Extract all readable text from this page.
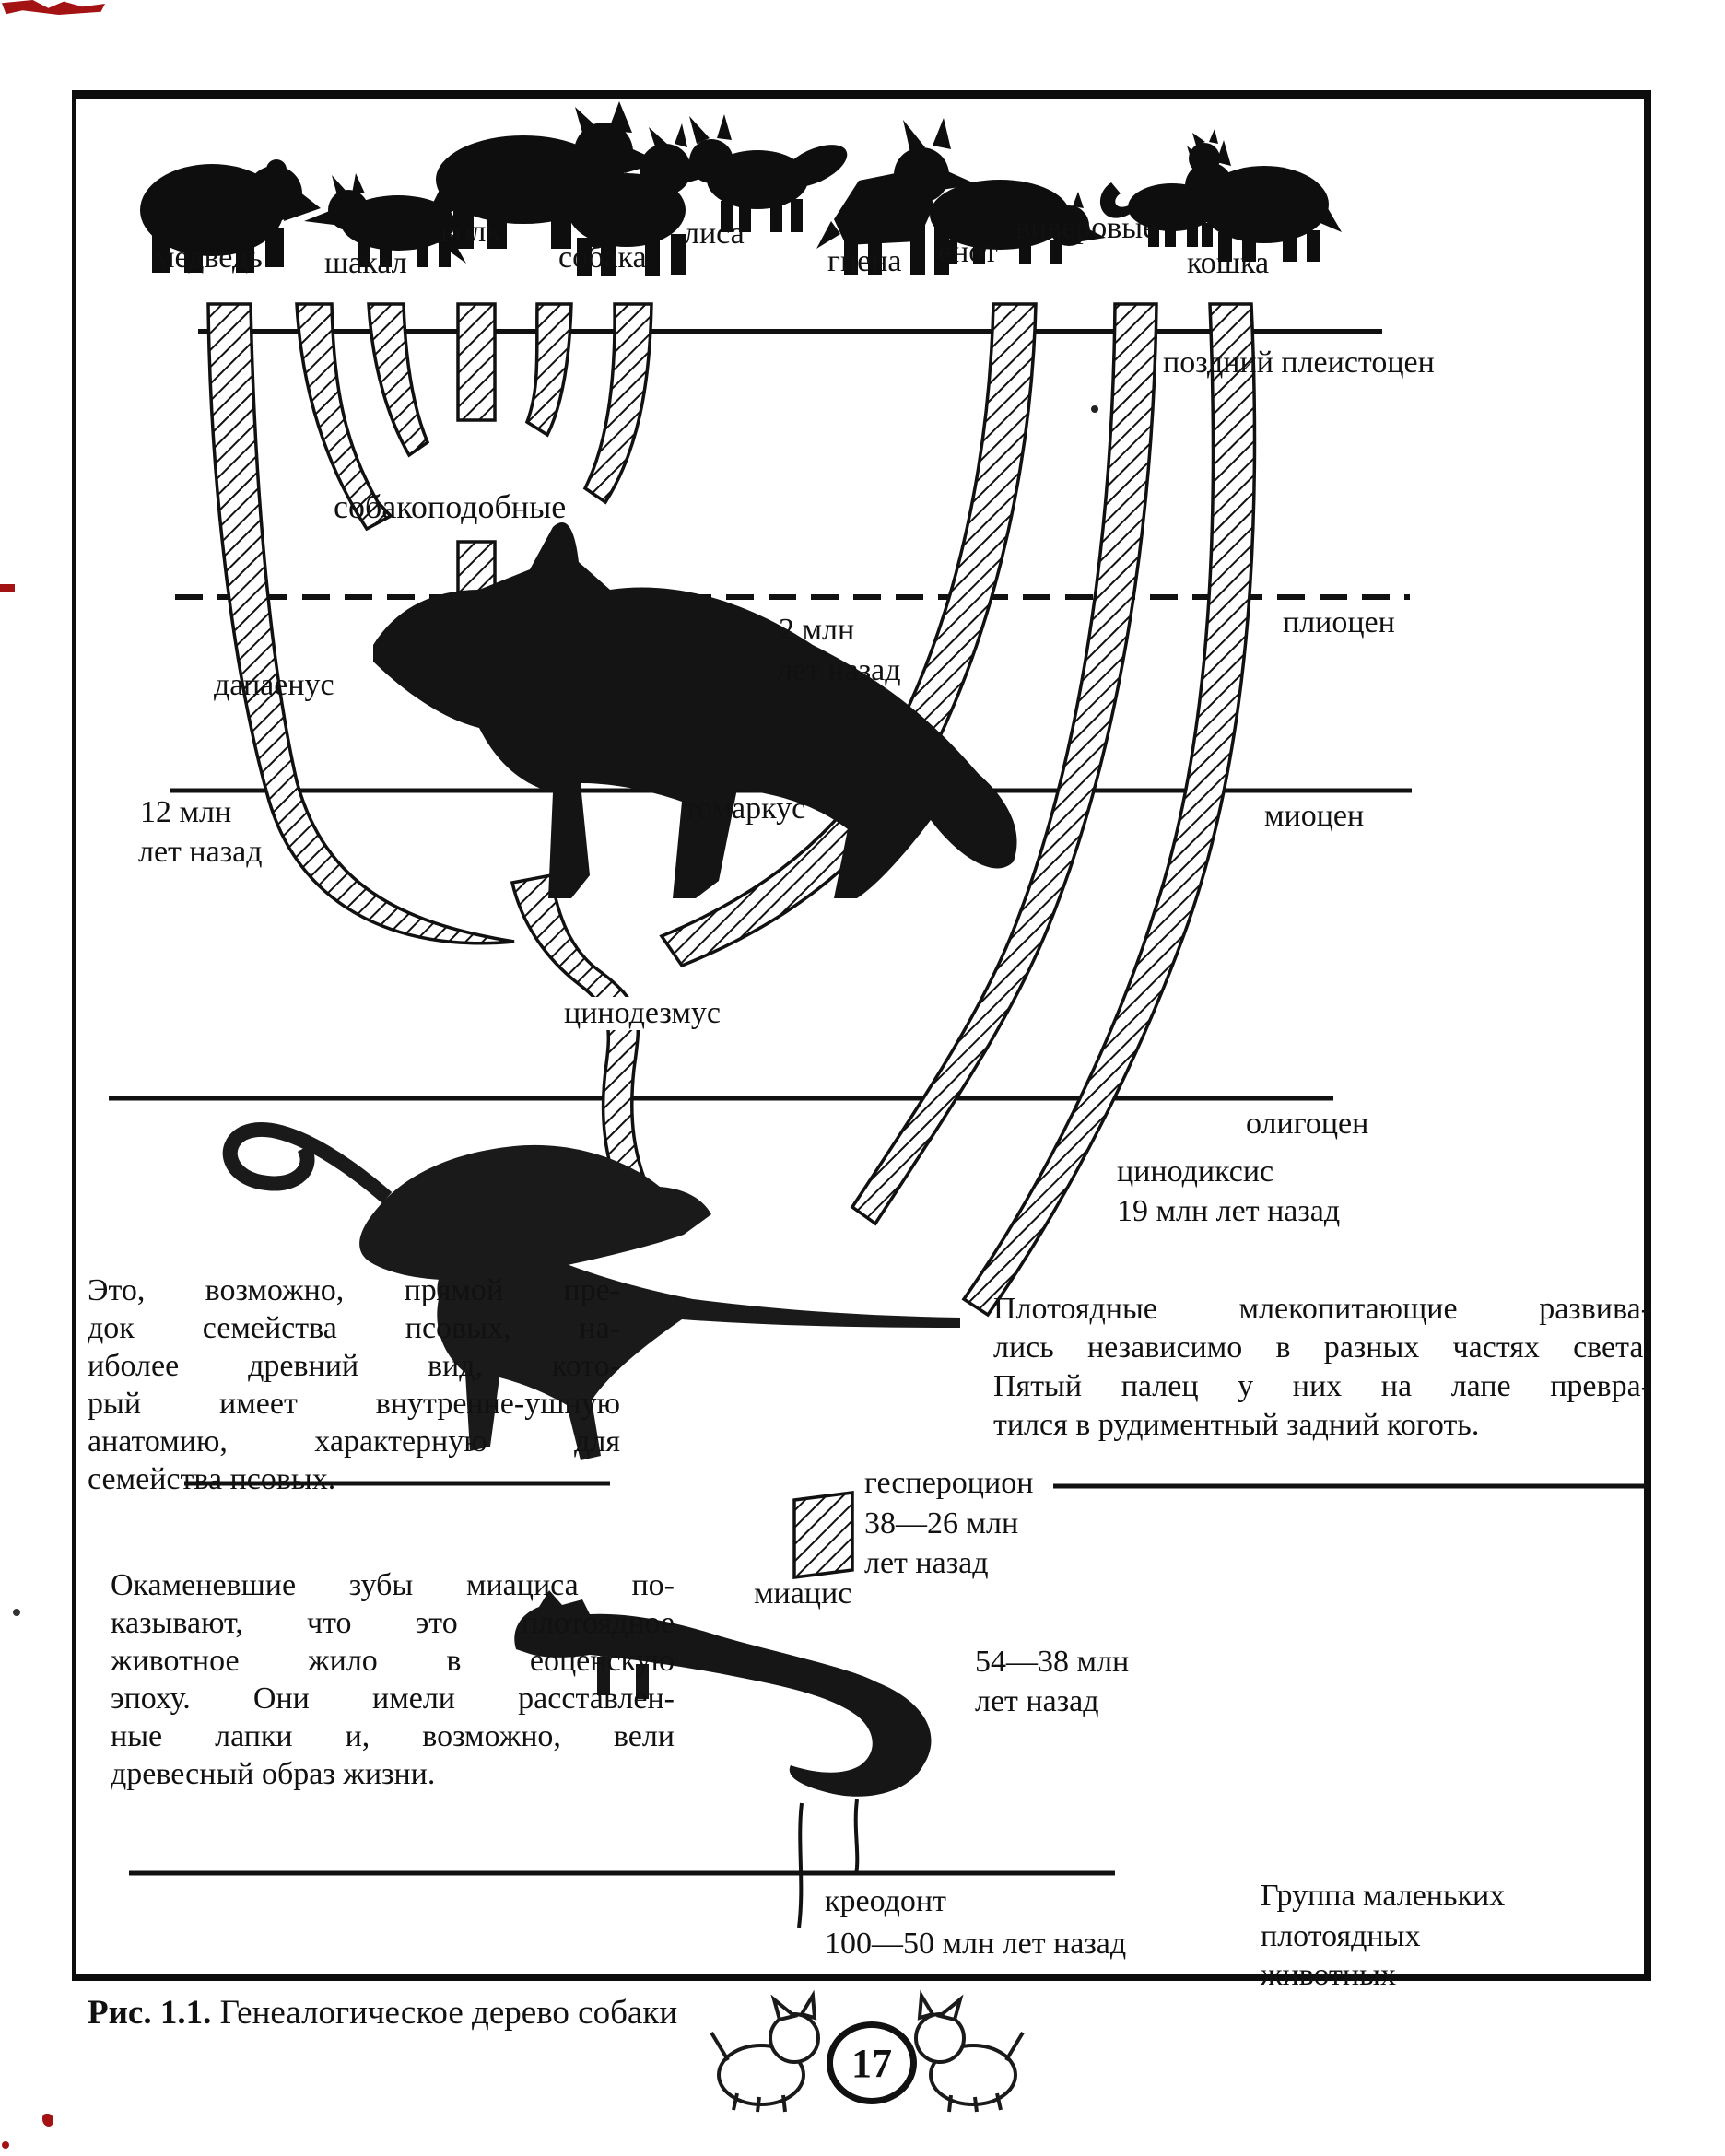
медведь шакал
волк
собака
лиса
гиена енот
виверовые
кошка
поздний плеистоцен
плиоцен
миоцен
олигоцен
собакоподобные
дапаенус
2 млн
лет назад
12 млн
лет назад
томаркус
цинодезмус
цинодиксис
19 млн лет назад
геспероцион
38—26 млн
лет назад
миацис
54—38 млн
лет назад
креодонт
100—50 млн лет назад
Группа маленьких
плотоядных
животных
Это, возможно, прямой пре-
док семейства псовых, на-
иболее древний вид, кото-
рый имеет внутренне-ушную
анатомию, характерную для
семейства псовых.
Плотоядные млекопитающие развива-
лись независимо в разных частях света.
Пятый палец у них на лапе превра-
тился в рудиментный задний коготь.
Окаменевшие зубы миациса по-
казывают, что это плотоядное
животное жило в еоценскую
эпоху. Они имели расставлен-
ные лапки и, возможно, вели
древесный образ жизни.
Рис. 1.1. Генеалогическое дерево собаки
17
